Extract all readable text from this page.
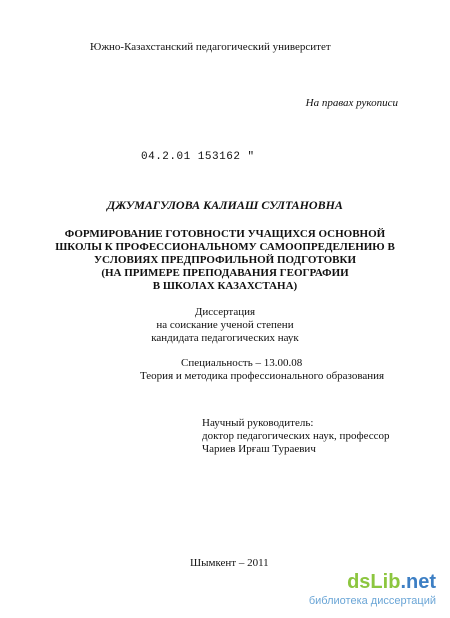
Южно-Казахстанский педагогический университет
На правах рукописи
04.2.01 153162 "
ДЖУМАГУЛОВА КАЛИАШ СУЛТАНОВНА
ФОРМИРОВАНИЕ ГОТОВНОСТИ УЧАЩИХСЯ ОСНОВНОЙ
ШКОЛЫ К ПРОФЕССИОНАЛЬНОМУ САМООПРЕДЕЛЕНИЮ В
УСЛОВИЯХ ПРЕДПРОФИЛЬНОЙ ПОДГОТОВКИ
(НА ПРИМЕРЕ ПРЕПОДАВАНИЯ ГЕОГРАФИИ
В ШКОЛАХ КАЗАХСТАНА)
Диссертация
на соискание ученой степени
кандидата педагогических наук
Специальность – 13.00.08
Теория и методика профессионального образования
Научный руководитель:
доктор педагогических наук, профессор
Чариев Ирғаш Тураевич
Шымкент – 2011
dsLib.net
библиотека диссертаций
